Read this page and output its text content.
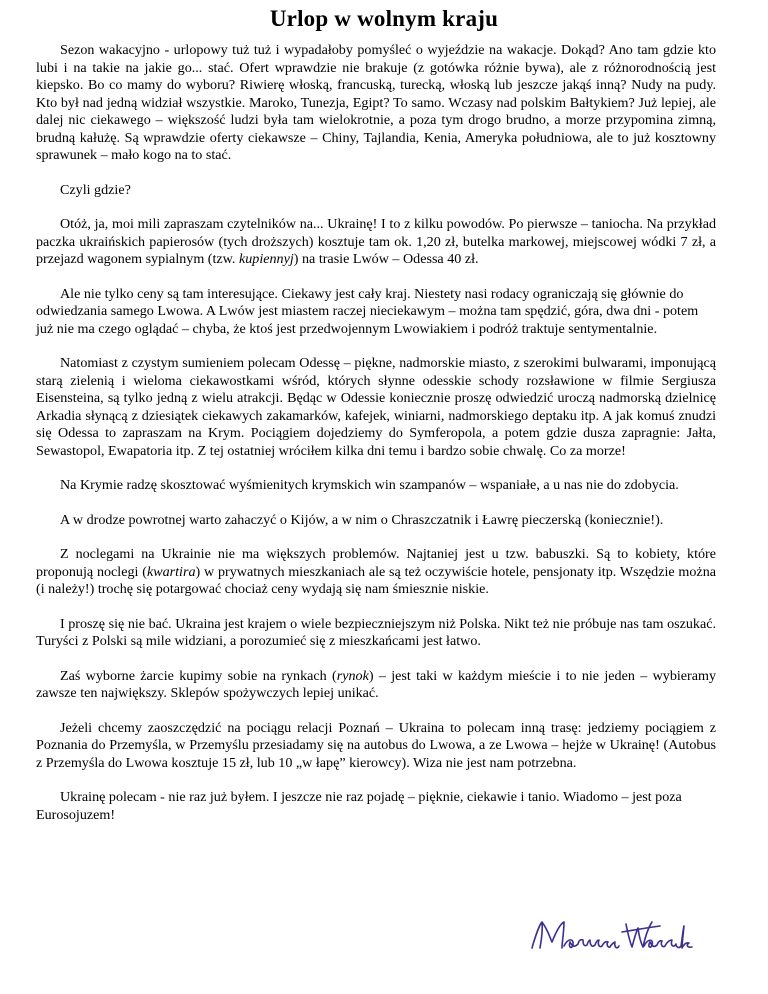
Urlop w wolnym kraju

Sezon wakacyjno - urlopowy tuż tuż i wypadałoby pomyśleć o wyjeździe na wakacje. Dokąd? Ano tam gdzie kto lubi i na takie na jakie go... stać. Ofert wprawdzie nie brakuje (z gotówka różnie bywa), ale z różnorodnością jest kiepsko. Bo co mamy do wyboru? Riwierę włoską, francuską, turecką, włoską lub jeszcze jakąś inną? Nudy na pudy. Kto był nad jedną widział wszystkie. Maroko, Tunezja, Egipt? To samo. Wczasy nad polskim Bałtykiem? Już lepiej, ale dalej nic ciekawego – większość ludzi była tam wielokrotnie, a poza tym drogo brudno, a morze przypomina zimną, brudną kałużę. Są wprawdzie oferty ciekawsze – Chiny, Tajlandia, Kenia, Ameryka południowa, ale to już kosztowny sprawunek – mało kogo na to stać.

Czyli gdzie?

Otóż, ja, moi mili zapraszam czytelników na... Ukrainę! I to z kilku powodów. Po pierwsze – taniocha. Na przykład paczka ukraińskich papierosów (tych droższych) kosztuje tam ok. 1,20 zł, butelka markowej, miejscowej wódki 7 zł, a przejazd wagonem sypialnym (tzw. kupiennyj) na trasie Lwów – Odessa 40 zł.

Ale nie tylko ceny są tam interesujące. Ciekawy jest cały kraj. Niestety nasi rodacy ograniczają się głównie do odwiedzania samego Lwowa. A Lwów jest miastem raczej nieciekawym – można tam spędzić, góra, dwa dni - potem już nie ma czego oglądać – chyba, że ktoś jest przedwojennym Lwowiakiem i podróż traktuje sentymentalnie.

Natomiast z czystym sumieniem polecam Odessę – piękne, nadmorskie miasto, z szerokimi bulwarami, imponującą starą zielenią i wieloma ciekawostkami wśród, których słynne odesskie schody rozsławione w filmie Sergiusza Eisensteina, są tylko jedną z wielu atrakcji. Będąc w Odessie koniecznie proszę odwiedzić uroczą nadmorską dzielnicę Arkadia słynącą z dziesiątek ciekawych zakamarków, kafejek, winiarni, nadmorskiego deptaku itp. A jak komuś znudzi się Odessa to zapraszam na Krym. Pociągiem dojedziemy do Symferopola, a potem gdzie dusza zapragnie: Jałta, Sewastopol, Ewapatoria itp. Z tej ostatniej wróciłem kilka dni temu i bardzo sobie chwalę. Co za morze!

Na Krymie radzę skosztować wyśmienitych krymskich win szampanów – wspaniałe, a u nas nie do zdobycia.

A w drodze powrotnej warto zahaczyć o Kijów, a w nim o Chraszczatnik i Ławrę pieczerską (koniecznie!).

Z noclegami na Ukrainie nie ma większych problemów. Najtaniej jest u tzw. babuszki. Są to kobiety, które proponują noclegi (kwartira) w prywatnych mieszkaniach ale są też oczywiście hotele, pensjonaty itp. Wszędzie można (i należy!) trochę się potargować chociaż ceny wydają się nam śmiesznie niskie.

I proszę się nie bać. Ukraina jest krajem o wiele bezpieczniejszym niż Polska. Nikt też nie próbuje nas tam oszukać. Turyści z Polski są mile widziani, a porozumieć się z mieszkańcami jest łatwo.

Zaś wyborne żarcie kupimy sobie na rynkach (rynok) – jest taki w każdym mieście i to nie jeden – wybieramy zawsze ten największy. Sklepów spożywczych lepiej unikać.

Jeżeli chcemy zaoszczędzić na pociągu relacji Poznań – Ukraina to polecam inną trasę: jedziemy pociągiem z Poznania do Przemyśla, w Przemyślu przesiadamy się na autobus do Lwowa, a ze Lwowa – hejże w Ukrainę! (Autobus z Przemyśla do Lwowa kosztuje 15 zł, lub 10 „w łapę” kierowcy). Wiza nie jest nam potrzebna.

Ukrainę polecam - nie raz już byłem. I jeszcze nie raz pojadę – pięknie, ciekawie i tanio. Wiadomo – jest poza Eurosojuzem!
